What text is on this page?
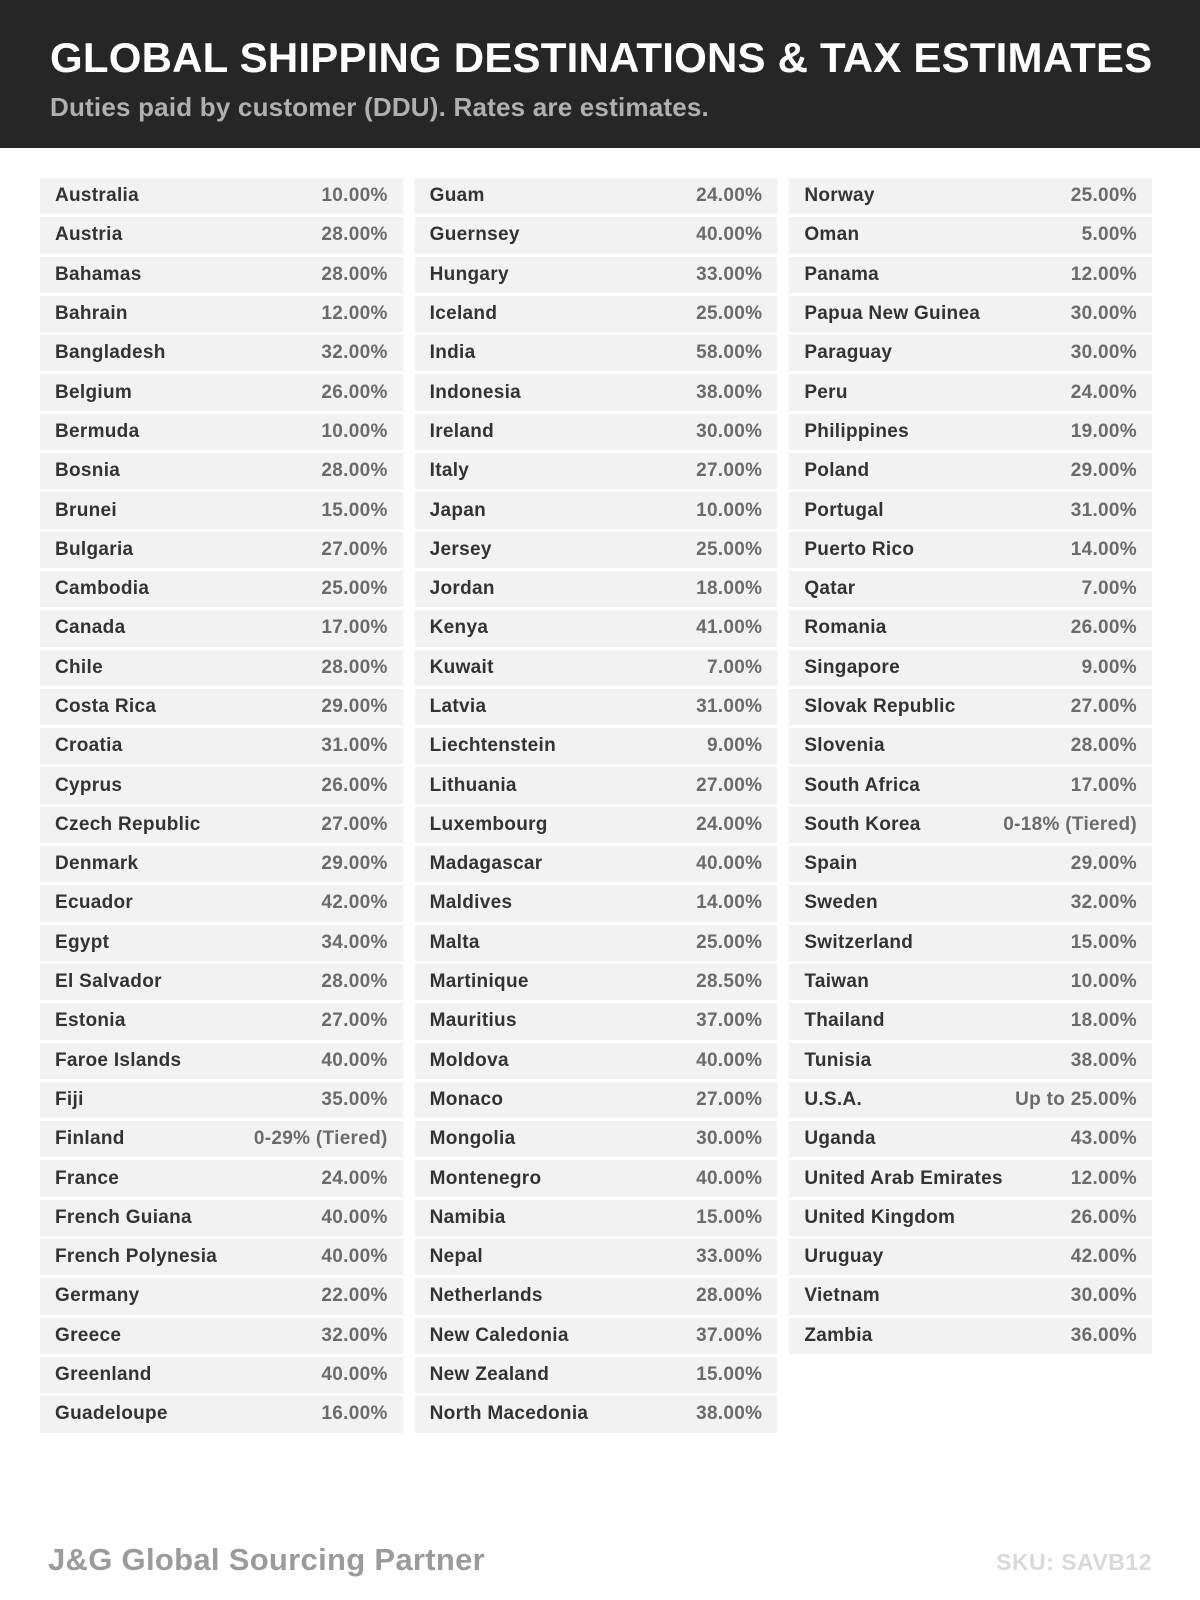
GLOBAL SHIPPING DESTINATIONS & TAX ESTIMATES

Duties paid by customer (DDU). Rates are estimates.

Australia	10.00%
Austria	28.00%
Bahamas	28.00%
Bahrain	12.00%
Bangladesh	32.00%
Belgium	26.00%
Bermuda	10.00%
Bosnia	28.00%
Brunei	15.00%
Bulgaria	27.00%
Cambodia	25.00%
Canada	17.00%
Chile	28.00%
Costa Rica	29.00%
Croatia	31.00%
Cyprus	26.00%
Czech Republic	27.00%
Denmark	29.00%
Ecuador	42.00%
Egypt	34.00%
El Salvador	28.00%
Estonia	27.00%
Faroe Islands	40.00%
Fiji	35.00%
Finland	0-29% (Tiered)
France	24.00%
French Guiana	40.00%
French Polynesia	40.00%
Germany	22.00%
Greece	32.00%
Greenland	40.00%
Guadeloupe	16.00%
Guam	24.00%
Guernsey	40.00%
Hungary	33.00%
Iceland	25.00%
India	58.00%
Indonesia	38.00%
Ireland	30.00%
Italy	27.00%
Japan	10.00%
Jersey	25.00%
Jordan	18.00%
Kenya	41.00%
Kuwait	7.00%
Latvia	31.00%
Liechtenstein	9.00%
Lithuania	27.00%
Luxembourg	24.00%
Madagascar	40.00%
Maldives	14.00%
Malta	25.00%
Martinique	28.50%
Mauritius	37.00%
Moldova	40.00%
Monaco	27.00%
Mongolia	30.00%
Montenegro	40.00%
Namibia	15.00%
Nepal	33.00%
Netherlands	28.00%
New Caledonia	37.00%
New Zealand	15.00%
North Macedonia	38.00%
Norway	25.00%
Oman	5.00%
Panama	12.00%
Papua New Guinea	30.00%
Paraguay	30.00%
Peru	24.00%
Philippines	19.00%
Poland	29.00%
Portugal	31.00%
Puerto Rico	14.00%
Qatar	7.00%
Romania	26.00%
Singapore	9.00%
Slovak Republic	27.00%
Slovenia	28.00%
South Africa	17.00%
South Korea	0-18% (Tiered)
Spain	29.00%
Sweden	32.00%
Switzerland	15.00%
Taiwan	10.00%
Thailand	18.00%
Tunisia	38.00%
U.S.A.	Up to 25.00%
Uganda	43.00%
United Arab Emirates	12.00%
United Kingdom	26.00%
Uruguay	42.00%
Vietnam	30.00%
Zambia	36.00%
J&G Global Sourcing Partner	SKU: SAVB12
